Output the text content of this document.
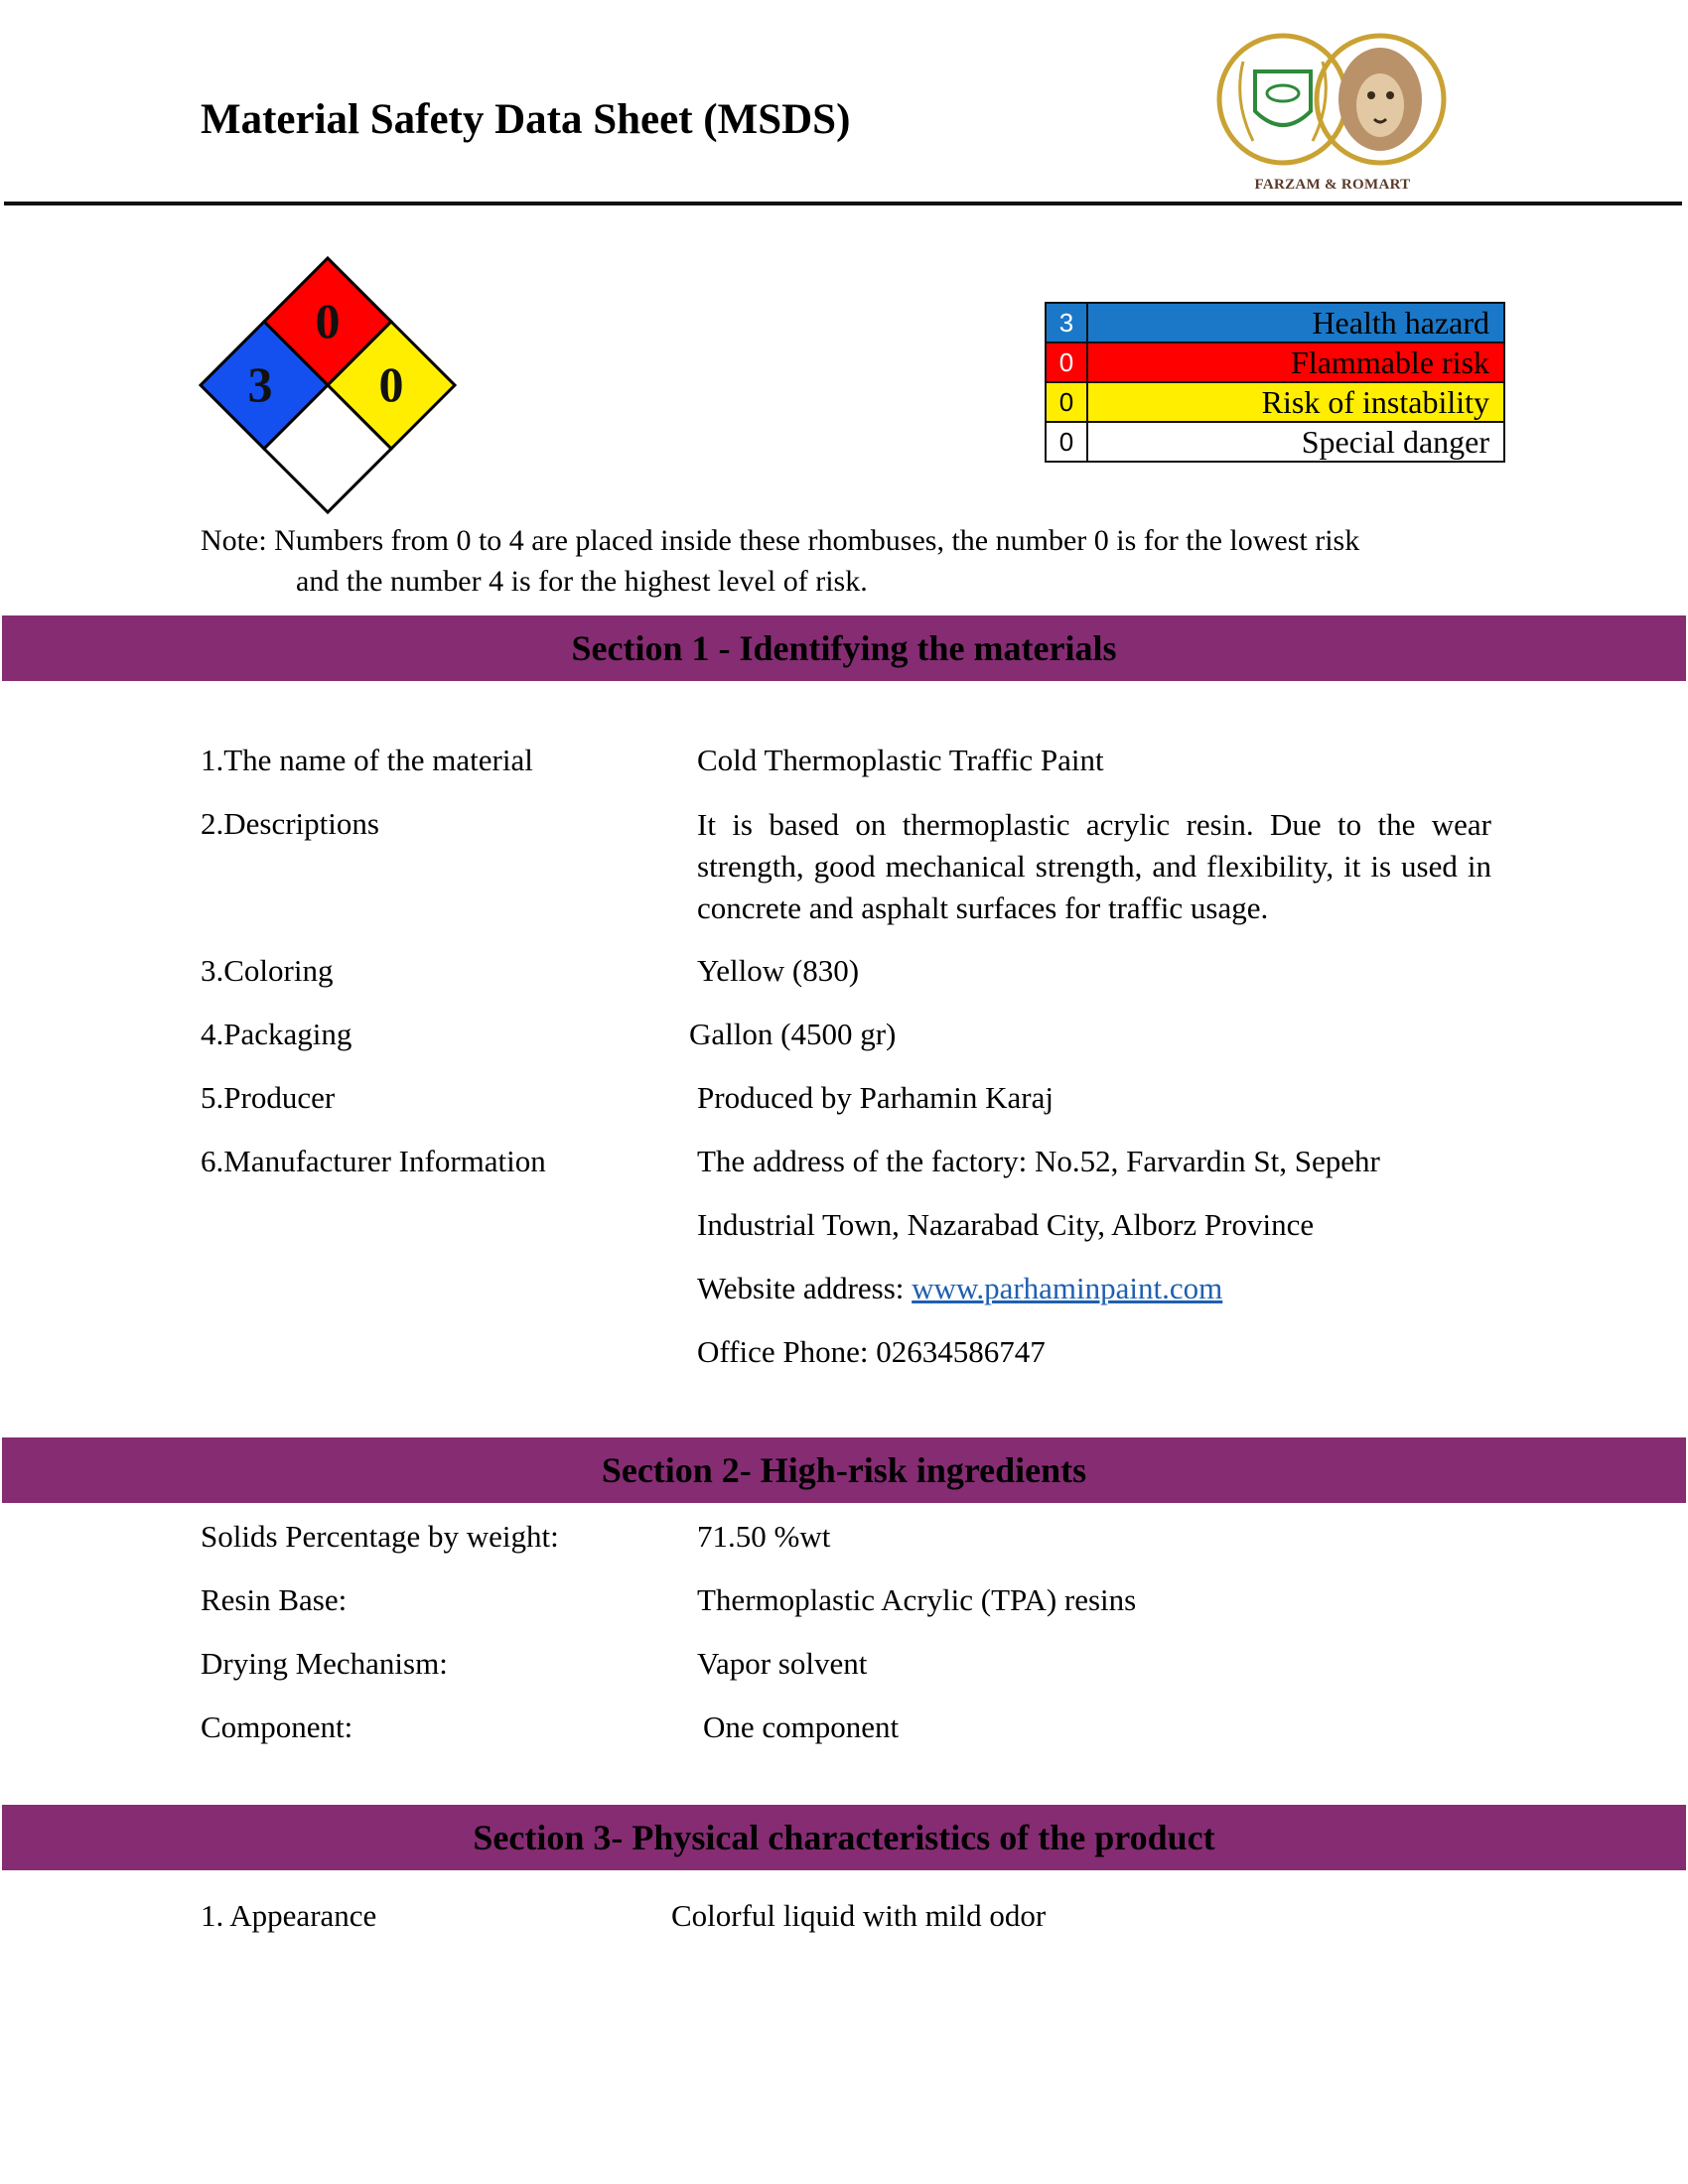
Material Safety Data Sheet (MSDS)
FARZAM & ROMART
0
3 0
3	Health hazard
0	Flammable risk
0	Risk of instability
0	Special danger
Note: Numbers from 0 to 4 are placed inside these rhombuses, the number 0 is for the lowest risk
and the number 4 is for the highest level of risk.
Section 1 - Identifying the materials
1.The name of the material	Cold Thermoplastic Traffic Paint
2.Descriptions	It is based on thermoplastic acrylic resin. Due to the wear strength, good mechanical strength, and flexibility, it is used in concrete and asphalt surfaces for traffic usage.
3.Coloring	Yellow (830)
4.Packaging	Gallon (4500 gr)
5.Producer	Produced by Parhamin Karaj
6.Manufacturer Information	The address of the factory: No.52, Farvardin St, Sepehr
Industrial Town, Nazarabad City, Alborz Province
Website address: www.parhaminpaint.com
Office Phone: 02634586747
Section 2- High-risk ingredients
Solids Percentage by weight:	71.50 %wt
Resin Base:	Thermoplastic Acrylic (TPA) resins
Drying Mechanism:	Vapor solvent
Component:	One component
Section 3- Physical characteristics of the product
1. Appearance	Colorful liquid with mild odor
